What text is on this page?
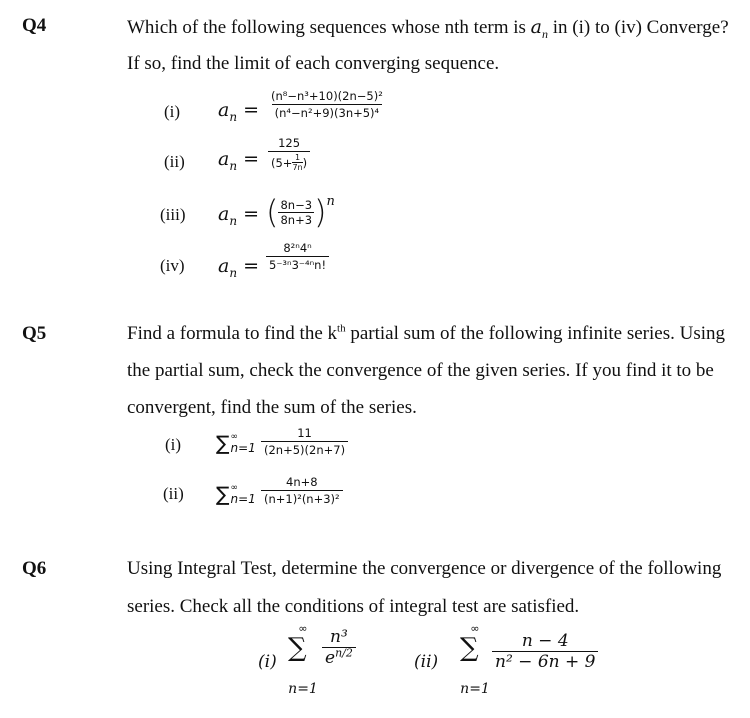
Q4	Which of the following sequences whose nth term is $a_n$ in (i) to (iv) Converge?
If so, find the limit of each converging sequence.
(i) $a_n = \frac{\text{(n⁸−n³+10)(2n−5)²}}{\text{(n⁴−n²+9)(3n+5)⁴}}$
(ii) $a_n = \frac{125}{(5+ \frac{1}{7n} )}$
(iii) $a_n$ = ( $\frac{8n-3}{8n+3}$ ) n
(iv) $a_n = \frac{\text{8²ⁿ4ⁿ}}{\text{5⁻³ⁿ3⁻⁴ⁿn!}}$
Q5	Find a formula to find the $k^{th}$ partial sum of the following infinite series. Using
the partial sum, check the convergence of the given series. If you find it to be
convergent, find the sum of the series.
(i) ∑ ∞
$n=1 \frac{11}{(2n+5)(2n+7)}$
(ii) ∑ ∞
$n=1 \frac{4n+8}{\text{(n+1)²(n+3)²}}$
Q6	Using Integral Test, determine the convergence or divergence of the following
series. Check all the conditions of integral test are satisfied.
(i)
∞
∑
n=1
$\frac{\text{n³}}{e^{n/2}}$	(ii)
∞
∑
n=1
$\frac{n - 4}{\text{n² − 6n + 9}}$
